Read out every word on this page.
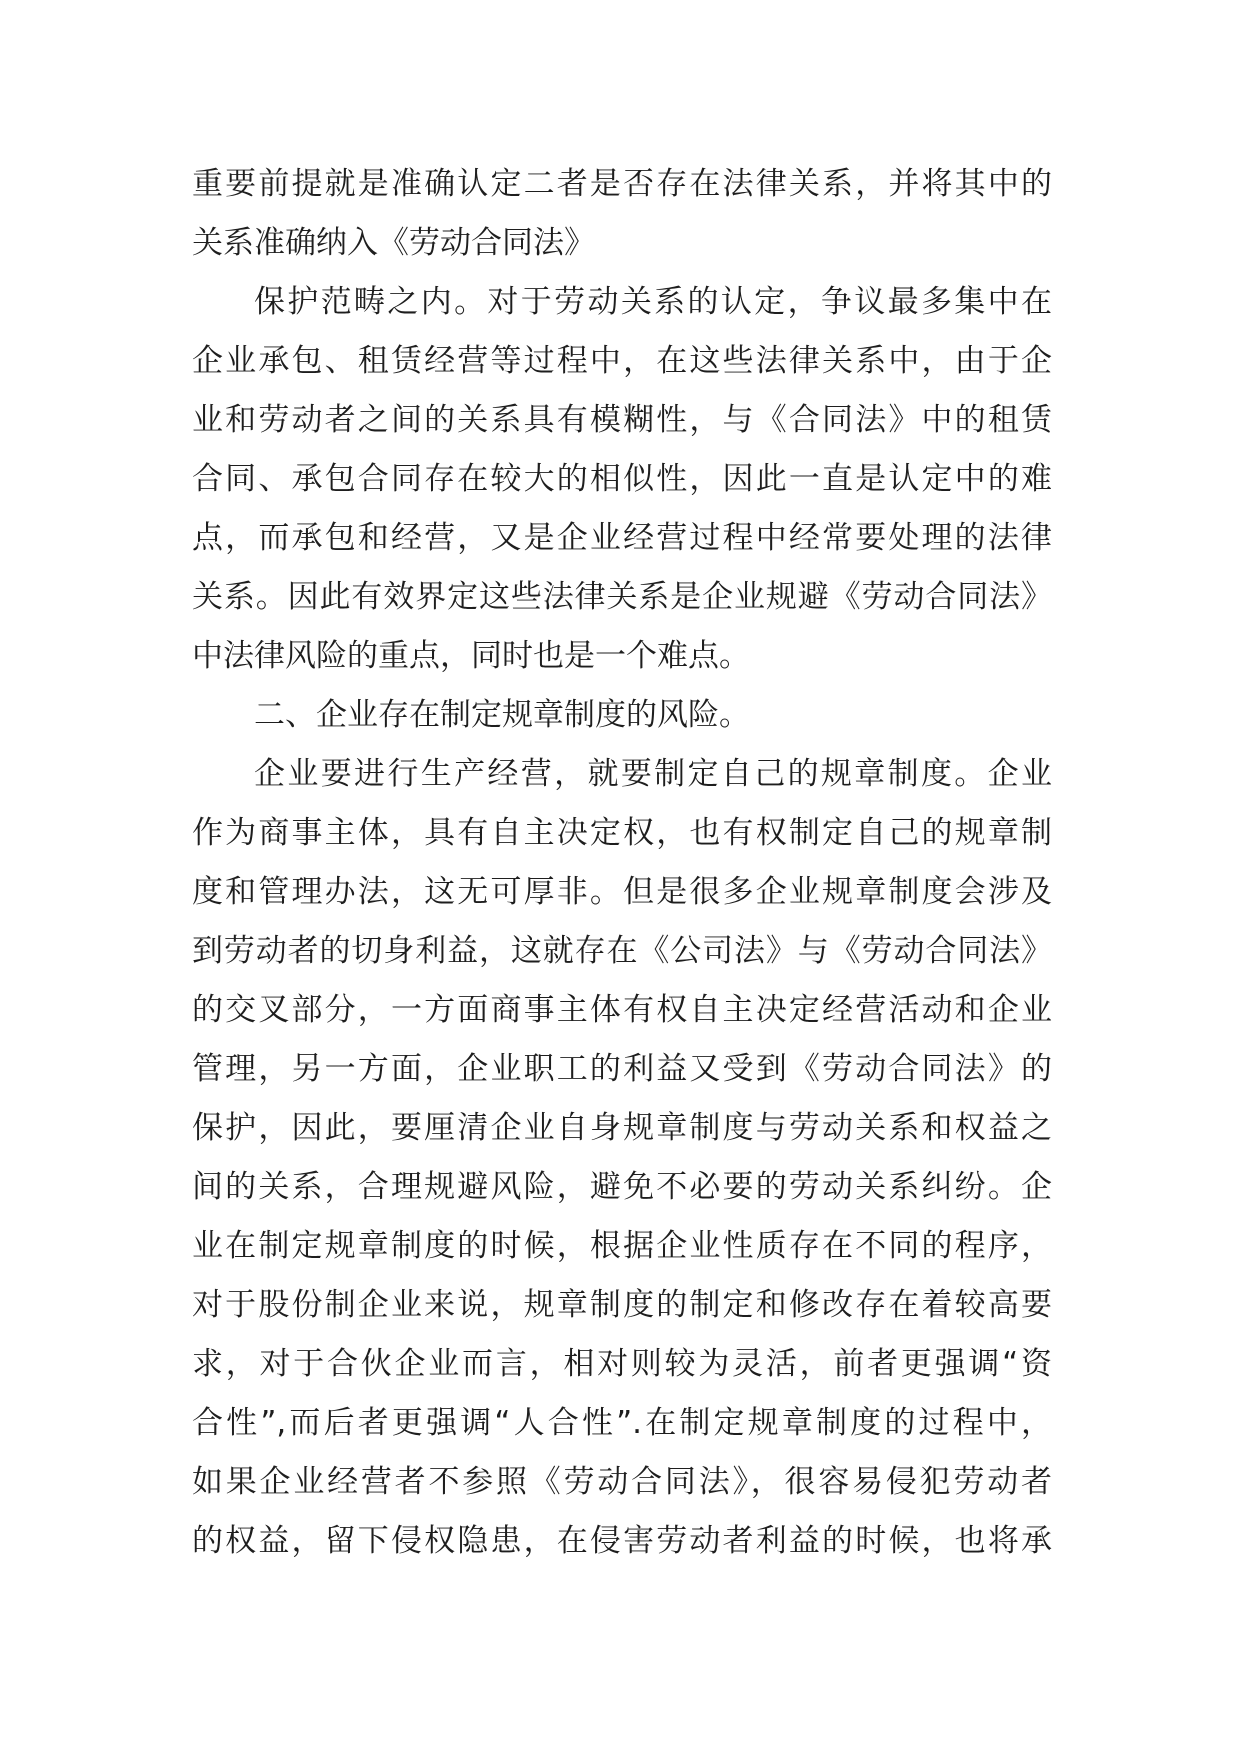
重要前提就是准确认定二者是否存在法律关系，并将其中的
关系准确纳入《劳动合同法》
保护范畴之内。对于劳动关系的认定，争议最多集中在
企业承包、租赁经营等过程中，在这些法律关系中，由于企
业和劳动者之间的关系具有模糊性，与《合同法》中的租赁
合同、承包合同存在较大的相似性，因此一直是认定中的难
点，而承包和经营，又是企业经营过程中经常要处理的法律
关系。因此有效界定这些法律关系是企业规避《劳动合同法》
中法律风险的重点，同时也是一个难点。
二、企业存在制定规章制度的风险。
企业要进行生产经营，就要制定自己的规章制度。企业
作为商事主体，具有自主决定权，也有权制定自己的规章制
度和管理办法，这无可厚非。但是很多企业规章制度会涉及
到劳动者的切身利益，这就存在《公司法》与《劳动合同法》
的交叉部分，一方面商事主体有权自主决定经营活动和企业
管理，另一方面，企业职工的利益又受到《劳动合同法》的
保护，因此，要厘清企业自身规章制度与劳动关系和权益之
间的关系，合理规避风险，避免不必要的劳动关系纠纷。企
业在制定规章制度的时候，根据企业性质存在不同的程序，
对于股份制企业来说，规章制度的制定和修改存在着较高要
求，对于合伙企业而言，相对则较为灵活，前者更强调“资
合性”,而后者更强调“人合性”.在制定规章制度的过程中，
如果企业经营者不参照《劳动合同法》，很容易侵犯劳动者
的权益，留下侵权隐患，在侵害劳动者利益的时候，也将承
